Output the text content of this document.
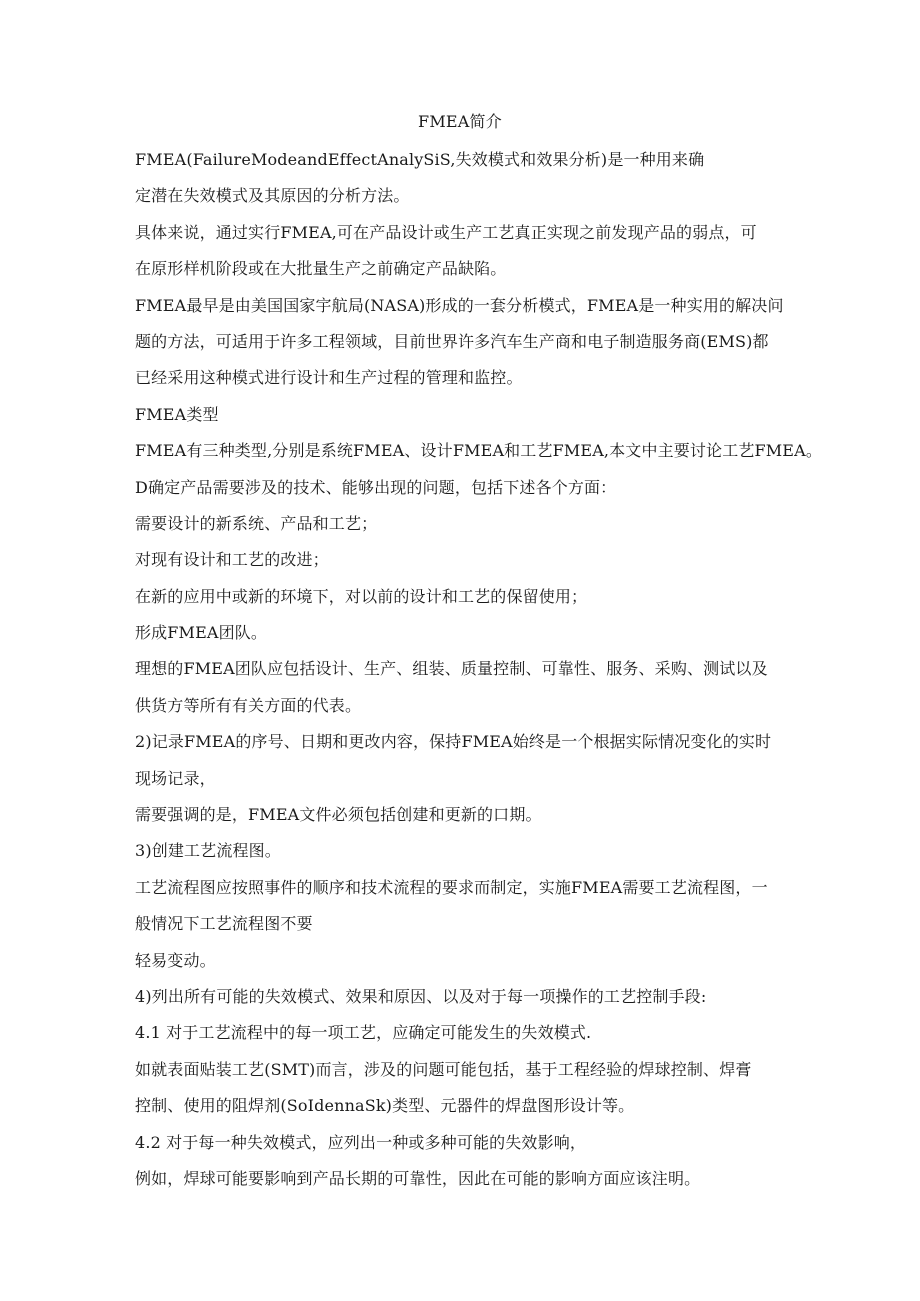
FMEA简介
FMEA(FailureModeandEffectAnalySiS,失效模式和效果分析)是一种用来确
定潜在失效模式及其原因的分析方法。
具体来说，通过实行FMEA,可在产品设计或生产工艺真正实现之前发现产品的弱点，可
在原形样机阶段或在大批量生产之前确定产品缺陷。
FMEA最早是由美国国家宇航局(NASA)形成的一套分析模式，FMEA是一种实用的解决问
题的方法，可适用于许多工程领域，目前世界许多汽车生产商和电子制造服务商(EMS)都
已经采用这种模式进行设计和生产过程的管理和监控。
FMEA类型
FMEA有三种类型,分别是系统FMEA、设计FMEA和工艺FMEA,本文中主要讨论工艺FMEA。
D确定产品需要涉及的技术、能够出现的问题，包括下述各个方面：
需要设计的新系统、产品和工艺；
对现有设计和工艺的改进；
在新的应用中或新的环境下，对以前的设计和工艺的保留使用；
形成FMEA团队。
理想的FMEA团队应包括设计、生产、组装、质量控制、可靠性、服务、采购、测试以及
供货方等所有有关方面的代表。
2)记录FMEA的序号、日期和更改内容，保持FMEA始终是一个根据实际情况变化的实时
现场记录，
需要强调的是，FMEA文件必须包括创建和更新的口期。
3)创建工艺流程图。
工艺流程图应按照事件的顺序和技术流程的要求而制定，实施FMEA需要工艺流程图，一
般情况下工艺流程图不要
轻易变动。
4)列出所有可能的失效模式、效果和原因、以及对于每一项操作的工艺控制手段:
4.1 对于工艺流程中的每一项工艺，应确定可能发生的失效模式.
如就表面贴装工艺(SMT)而言，涉及的问题可能包括，基于工程经验的焊球控制、焊膏
控制、使用的阻焊剂(SoIdennaSk)类型、元器件的焊盘图形设计等。
4.2 对于每一种失效模式，应列出一种或多种可能的失效影响，
例如，焊球可能要影响到产品长期的可靠性，因此在可能的影响方面应该注明。
